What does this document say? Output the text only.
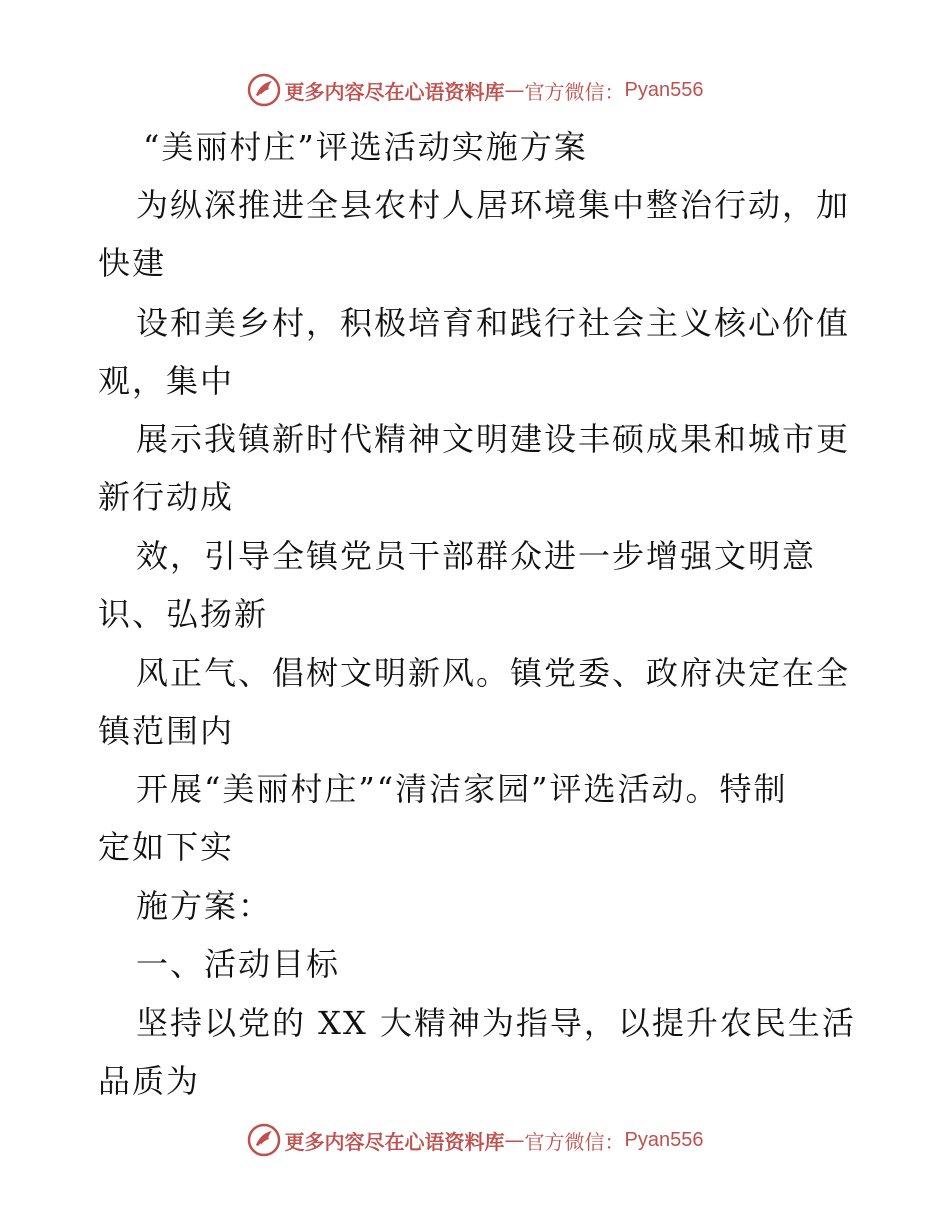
更多内容尽在心语资料库 — 官方微信： Pyan556
“美丽村庄”评选活动实施方案
为纵深推进全县农村人居环境集中整治行动，加
快建
设和美乡村，积极培育和践行社会主义核心价值
观，集中
展示我镇新时代精神文明建设丰硕成果和城市更
新行动成
效，引导全镇党员干部群众进一步增强文明意
识、弘扬新
风正气、倡树文明新风。镇党委、政府决定在全
镇范围内
开展“美丽村庄”“清洁家园”评选活动。特制
定如下实
施方案：
一、活动目标
坚持以党的 XX 大精神为指导，以提升农民生活
品质为
更多内容尽在心语资料库 — 官方微信： Pyan556
